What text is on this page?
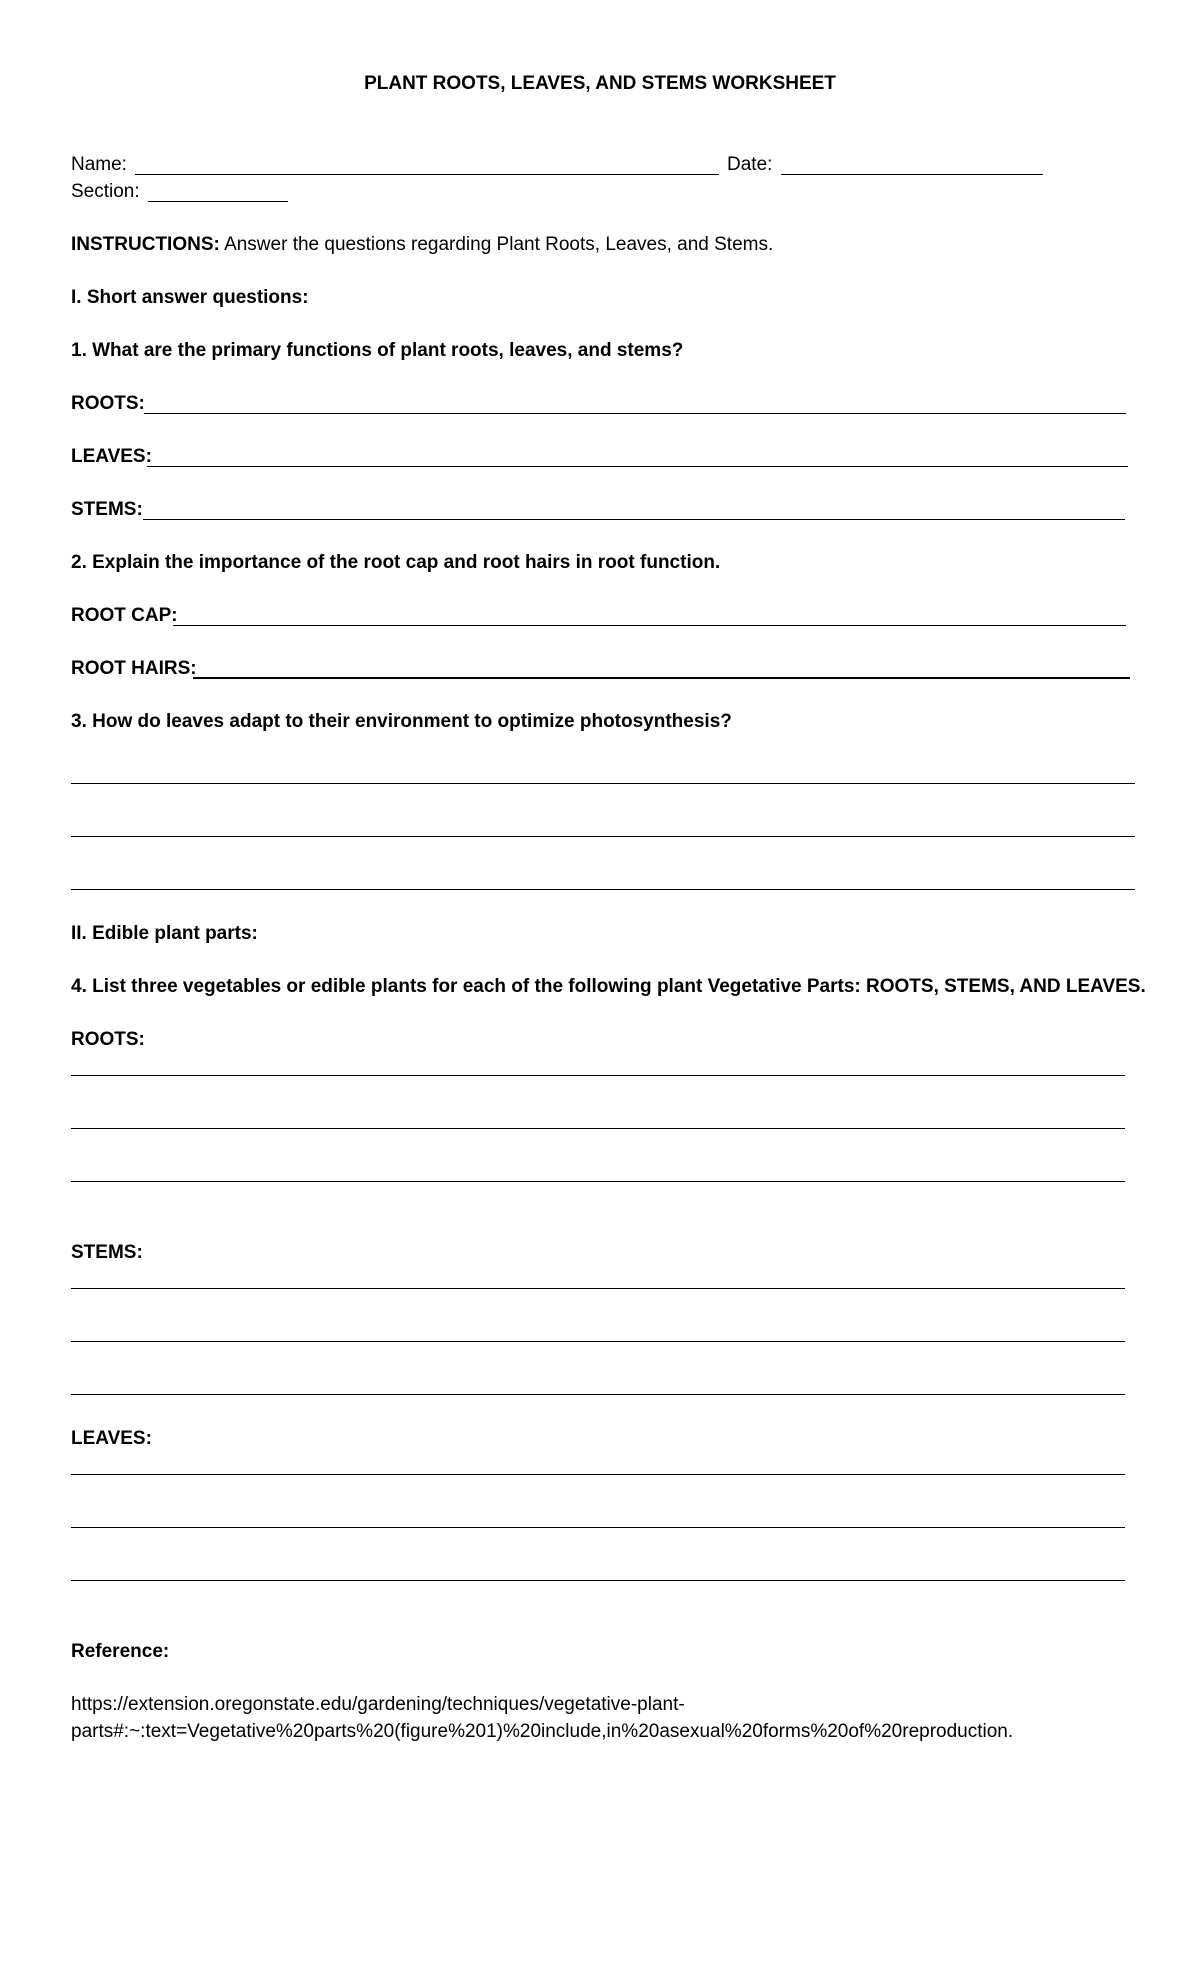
PLANT ROOTS, LEAVES, AND STEMS WORKSHEET
Name:	Date:
Section:
INSTRUCTIONS: Answer the questions regarding Plant Roots, Leaves, and Stems.
I. Short answer questions:
1. What are the primary functions of plant roots, leaves, and stems?
ROOTS:
LEAVES:
STEMS:
2. Explain the importance of the root cap and root hairs in root function.
ROOT CAP:
ROOT HAIRS:
3. How do leaves adapt to their environment to optimize photosynthesis?
II. Edible plant parts:
4. List three vegetables or edible plants for each of the following plant Vegetative Parts: ROOTS, STEMS, AND LEAVES.
ROOTS:
STEMS:
LEAVES:
Reference:
https://extension.oregonstate.edu/gardening/techniques/vegetative-plant-
parts#:~:text=Vegetative%20parts%20(figure%201)%20include,in%20asexual%20forms%20of%20reproduction.
